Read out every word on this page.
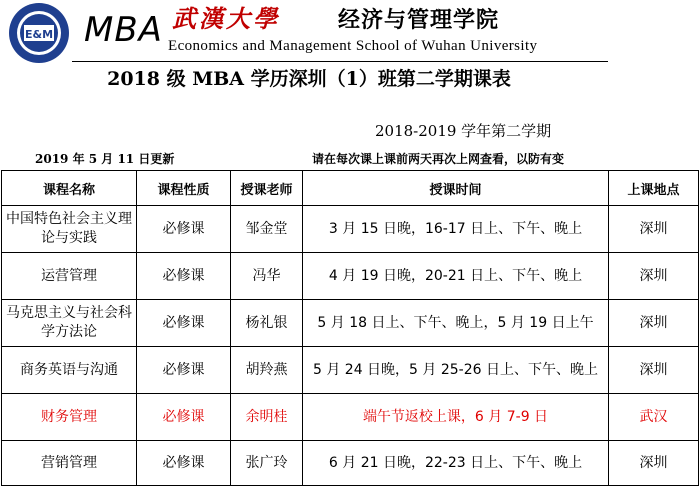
E&M MBA 武漢大學	经济与管理学院
Economics and Management School of Wuhan University
2018 级 MBA 学历深圳（1）班第二学期课表
2018-2019 学年第二学期
2019 年 5 月 11 日更新	请在每次课上课前两天再次上网查看，以防有变
课程名称	课程性质	授课老师	授课时间	上课地点
中国特色社会主义理论与实践	必修课	邹金堂	3 月 15 日晚，16-17 日上、下午、晚上	深圳
运营管理	必修课	冯华	4 月 19 日晚，20-21 日上、下午、晚上	深圳
马克思主义与社会科学方法论	必修课	杨礼银	5 月 18 日上、下午、晚上，5 月 19 日上午	深圳
商务英语与沟通	必修课	胡羚燕	5 月 24 日晚，5 月 25-26 日上、下午、晚上	深圳
财务管理	必修课	余明桂	端午节返校上课，6 月 7-9 日	武汉
营销管理	必修课	张广玲	6 月 21 日晚，22-23 日上、下午、晚上	深圳
